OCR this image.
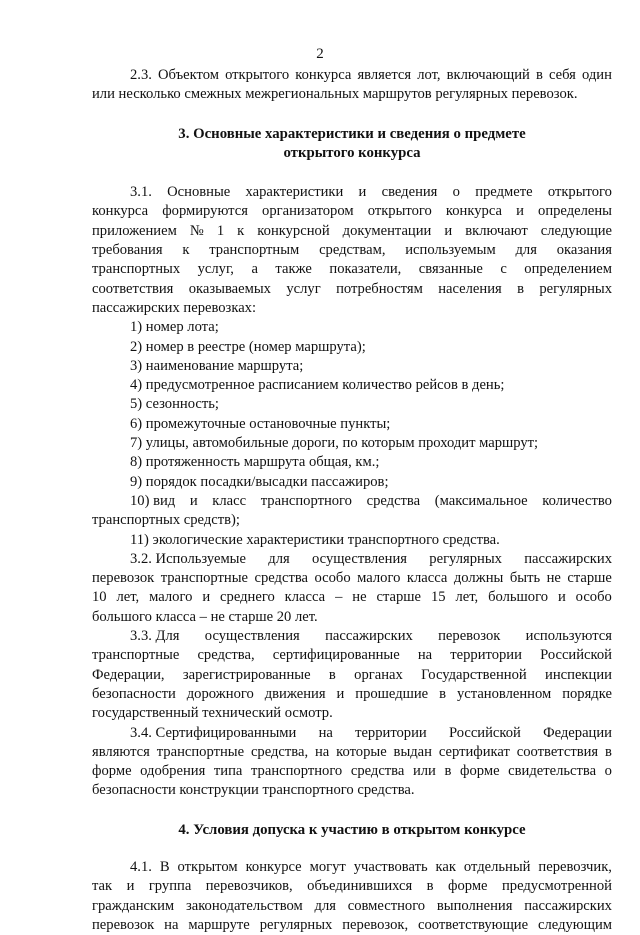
2
2.3. Объектом открытого конкурса является лот, включающий в себя один
или несколько смежных межрегиональных маршрутов регулярных перевозок.
3. Основные характеристики и сведения о предмете
открытого конкурса
3.1. Основные характеристики и сведения о предмете открытого
конкурса формируются организатором открытого конкурса и определены
приложением № 1 к конкурсной документации и включают следующие
требования к транспортным средствам, используемым для оказания
транспортных услуг, а также показатели, связанные с определением
соответствия оказываемых услуг потребностям населения в регулярных
пассажирских перевозках:
1) номер лота;
2) номер в реестре (номер маршрута);
3) наименование маршрута;
4) предусмотренное расписанием количество рейсов в день;
5) сезонность;
6) промежуточные остановочные пункты;
7) улицы, автомобильные дороги, по которым проходит маршрут;
8) протяженность маршрута общая, км.;
9) порядок посадки/высадки пассажиров;
10) вид и класс транспортного средства (максимальное количество
транспортных средств);
11) экологические характеристики транспортного средства.
3.2. Используемые для осуществления регулярных пассажирских
перевозок транспортные средства особо малого класса должны быть не старше
10 лет, малого и среднего класса – не старше 15 лет, большого и особо
большого класса – не старше 20 лет.
3.3. Для осуществления пассажирских перевозок используются
транспортные средства, сертифицированные на территории Российской
Федерации, зарегистрированные в органах Государственной инспекции
безопасности дорожного движения и прошедшие в установленном порядке
государственный технический осмотр.
3.4. Сертифицированными на территории Российской Федерации
являются транспортные средства, на которые выдан сертификат соответствия в
форме одобрения типа транспортного средства или в форме свидетельства о
безопасности конструкции транспортного средства.
4. Условия допуска к участию в открытом конкурсе
4.1. В открытом конкурсе могут участвовать как отдельный перевозчик,
так и группа перевозчиков, объединившихся в форме предусмотренной
гражданским законодательством для совместного выполнения пассажирских
перевозок на маршруте регулярных перевозок, соответствующие следующим
